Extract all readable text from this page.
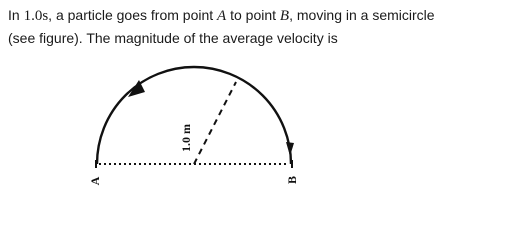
In 1.0s, a particle goes from point A to point B, moving in a semicircle
(see figure). The magnitude of the average velocity is
1.0 m
A	B
